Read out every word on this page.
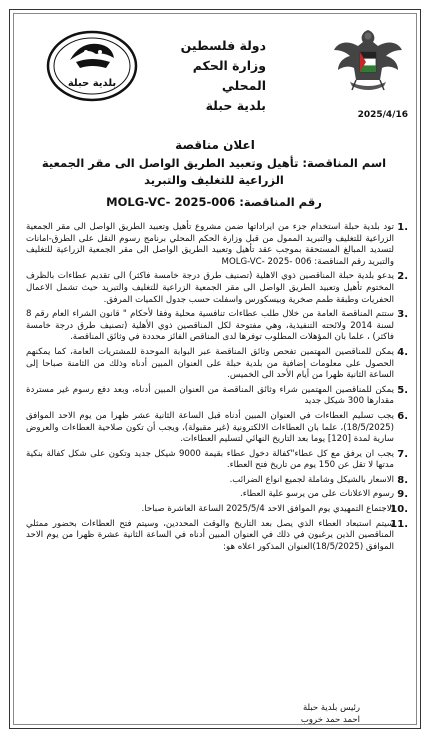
دولة فلسطين
وزارة الحكم المحلي
بلدية حبلة
بلدية حبلة
2025/4/16
اعلان مناقصة
اسم المناقصة: تأهيل وتعبيد الطريق الواصل الى مقر الجمعية الزراعية للتغليف والتبريد
رقم المناقصة: MOLG-VC- 2025-006
1.
تود بلدية حبلة استخدام جزء من ايراداتها ضمن مشروع تأهيل وتعبيد الطريق الواصل الى مقر الجمعية الزراعية للتغليف والتبريد الممول من قبل وزارة الحكم المحلي برنامج رسوم النقل على الطرق-امانات لتسديد المبالغ المستحقة بموجب عقد تأهيل وتعبيد الطريق الواصل الى مقر الجمعية الزراعية للتغليف والتبريد رقم المناقصة: MOLG-VC- 2025- 006
2.
يدعو بلدية حبلة المناقصين ذوي الاهلية (تصنيف طرق درجة خامسة فاكثر) الى تقديم عطاءات بالظرف المختوم تأهيل وتعبيد الطريق الواصل الى مقر الجمعية الزراعية للتغليف والتبريد حيث تشمل الاعمال الحفريات وطبقة طمم صخرية وبيسكورس واسفلت حسب جدول الكميات المرفق.
3.
ستتم المناقصة العامة من خلال طلب عطاءات تنافسية محلية وفقا لأحكام " قانون الشراء العام رقم 8 لسنة 2014 ولائحته التنفيذية، وهي مفتوحة لكل المناقصين ذوي الأهلية (تصنيف طرق درجة خامسة فاكثر) ، علما بان المؤهلات المطلوب توفرها لدى المناقص الفائز محددة في وثائق المناقصة.
4.
يمكن للمناقصين المهتمين تفحص وثائق المناقصة عبر البوابة الموحدة للمشتريات العامة، كما يمكنهم الحصول على معلومات إضافية من بلدية حبلة على العنوان المبين أدناه وذلك من الثامنة صباحا إلى الساعة الثانية ظهرا من أيام الأحد الى الخميس.
5.
يمكن للمناقصين المهتمين شراء وثائق المناقصة من العنوان المبين أدناه، وبعد دفع رسوم غير مستردة مقدارها 300 شيكل جديد
6.
يجب تسليم العطاءات في العنوان المبين أدناه قبل الساعة الثانية عشر ظهرا من يوم الاحد الموافق (18/5/2025)، علما بان العطاءات الالكترونية (غير مقبولة)، ويجب أن تكون صلاحية العطاءات والعروض سارية لمدة [120] يوما بعد التاريخ النهائي لتسليم العطاءات.
7.
يجب ان يرفق مع كل عطاء"كفالة دخول عطاء بقيمة 9000 شيكل جديد وتكون على شكل كفالة بنكية مدتها لا تقل عن 150 يوم من تاريخ فتح العطاء.
8.
الاسعار بالشيكل وشاملة لجميع انواع الضرائب.
9.
رسوم الاعلانات على من يرسو علية العطاء.
10.
الاجتماع التمهيدي يوم الموافق الاحد 2025/5/4 الساعة العاشرة صباحا.
11.
سيتم استبعاد العطاء الذي يصل بعد التاريخ والوقت المحددين، وسيتم فتح العطاءات بحضور ممثلي المناقصين الذين يرغبون في ذلك في العنوان المبين أدناه في الساعة الثانية عشرة ظهرا من يوم الاحد الموافق (18/5/2025)العنوان المذكور اعلاه هو:
رئيس بلدية حبلة
احمد حمد خروب
